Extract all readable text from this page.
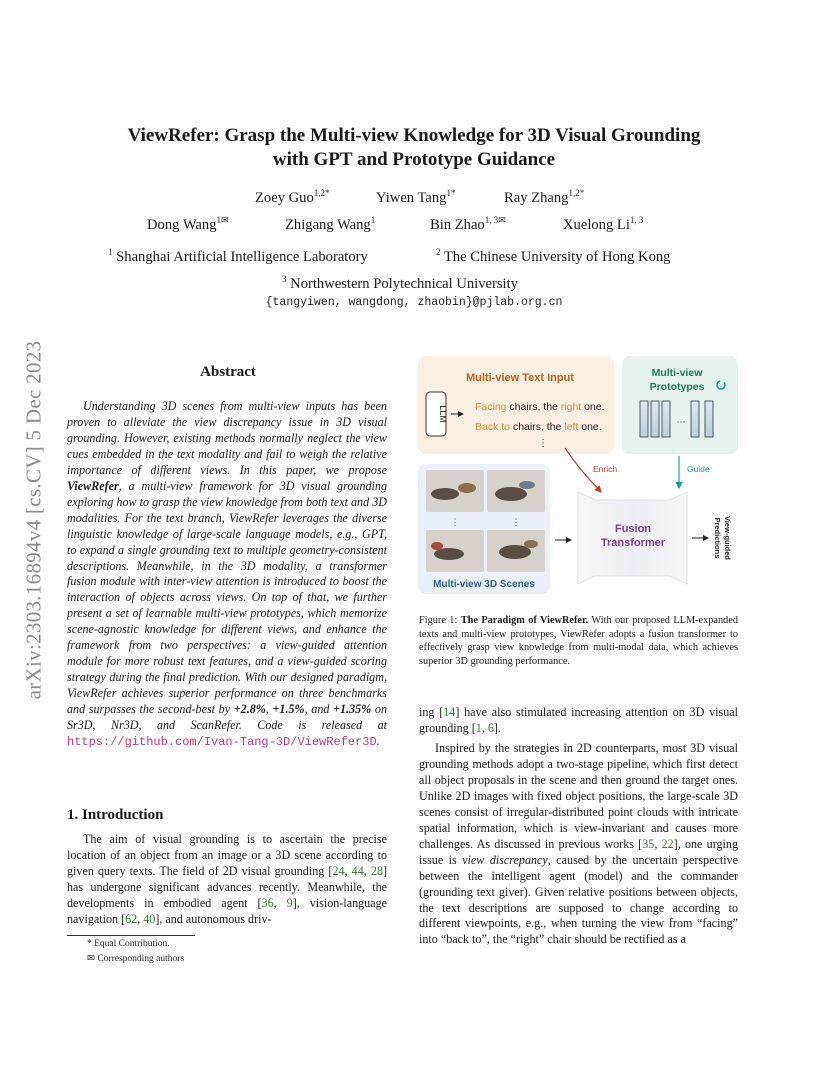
arXiv:2303.16894v4 [cs.CV] 5 Dec 2023
ViewRefer: Grasp the Multi-view Knowledge for 3D Visual Grounding
with GPT and Prototype Guidance
Zoey Guo$^{1,2*}$	Yiwen Tang$^{1*}$	Ray Zhang$^{1,2*}$
Dong Wang$^{1✉}$	Zhigang Wang$^1$	Bin Zhao$^{1, 3✉}$	Xuelong Li$^{1, 3}$
$^1$ Shanghai Artificial Intelligence Laboratory	$^2$ The Chinese University of Hong Kong
$^3$ Northwestern Polytechnical University
{tangyiwen, wangdong, zhaobin}@pjlab.org.cn
Abstract
Understanding 3D scenes from multi-view inputs has been proven to alleviate the view discrepancy issue in 3D visual grounding. However, existing methods normally neglect the view cues embedded in the text modality and fail to weigh the relative importance of different views. In this paper, we propose ViewRefer, a multi-view framework for 3D visual grounding exploring how to grasp the view knowledge from both text and 3D modalities. For the text branch, ViewRefer leverages the diverse linguistic knowledge of large-scale language models, e.g., GPT, to expand a single grounding text to multiple geometry-consistent descriptions. Meanwhile, in the 3D modality, a transformer fusion module with inter-view attention is introduced to boost the interaction of objects across views. On top of that, we further present a set of learnable multi-view prototypes, which memorize scene-agnostic knowledge for different views, and enhance the framework from two perspectives: a view-guided attention module for more robust text features, and a view-guided scoring strategy during the final prediction. With our designed paradigm, ViewRefer achieves superior performance on three benchmarks and surpasses the second-best by +2.8%, +1.5%, and +1.35% on Sr3D, Nr3D, and ScanRefer. Code is released at https://github.com/Ivan-Tang-3D/ViewRefer3D.
1. Introduction
The aim of visual grounding is to ascertain the precise location of an object from an image or a 3D scene according to given query texts. The field of 2D visual grounding [24, 44, 28] has undergone significant advances recently. Meanwhile, the developments in embodied agent [36, 9], vision-language navigation [62, 40], and autonomous driv-
* Equal Contribution.
✉ Corresponding authors
Multi-view Text Input
LLM	Facing chairs, the right one.
Back to chairs, the left one.
⋮
Multi-view
Prototypes
···
Enrich	Guide
⋮	⋮
Multi-view 3D Scenes
Fusion
Transformer	View-guided
Predictions
Figure 1: The Paradigm of ViewRefer. With our proposed LLM-expanded texts and multi-view prototypes, ViewRefer adopts a fusion transformer to effectively grasp view knowledge from multi-modal data, which achieves superior 3D grounding performance.
ing [14] have also stimulated increasing attention on 3D visual grounding [1, 6].
Inspired by the strategies in 2D counterparts, most 3D visual grounding methods adopt a two-stage pipeline, which first detect all object proposals in the scene and then ground the target ones. Unlike 2D images with fixed object positions, the large-scale 3D scenes consist of irregular-distributed point clouds with intricate spatial information, which is view-invariant and causes more challenges. As discussed in previous works [35, 22], one urging issue is view discrepancy, caused by the uncertain perspective between the intelligent agent (model) and the commander (grounding text giver). Given relative positions between objects, the text descriptions are supposed to change according to different viewpoints, e.g., when turning the view from “facing” into “back to”, the “right” chair should be rectified as a
